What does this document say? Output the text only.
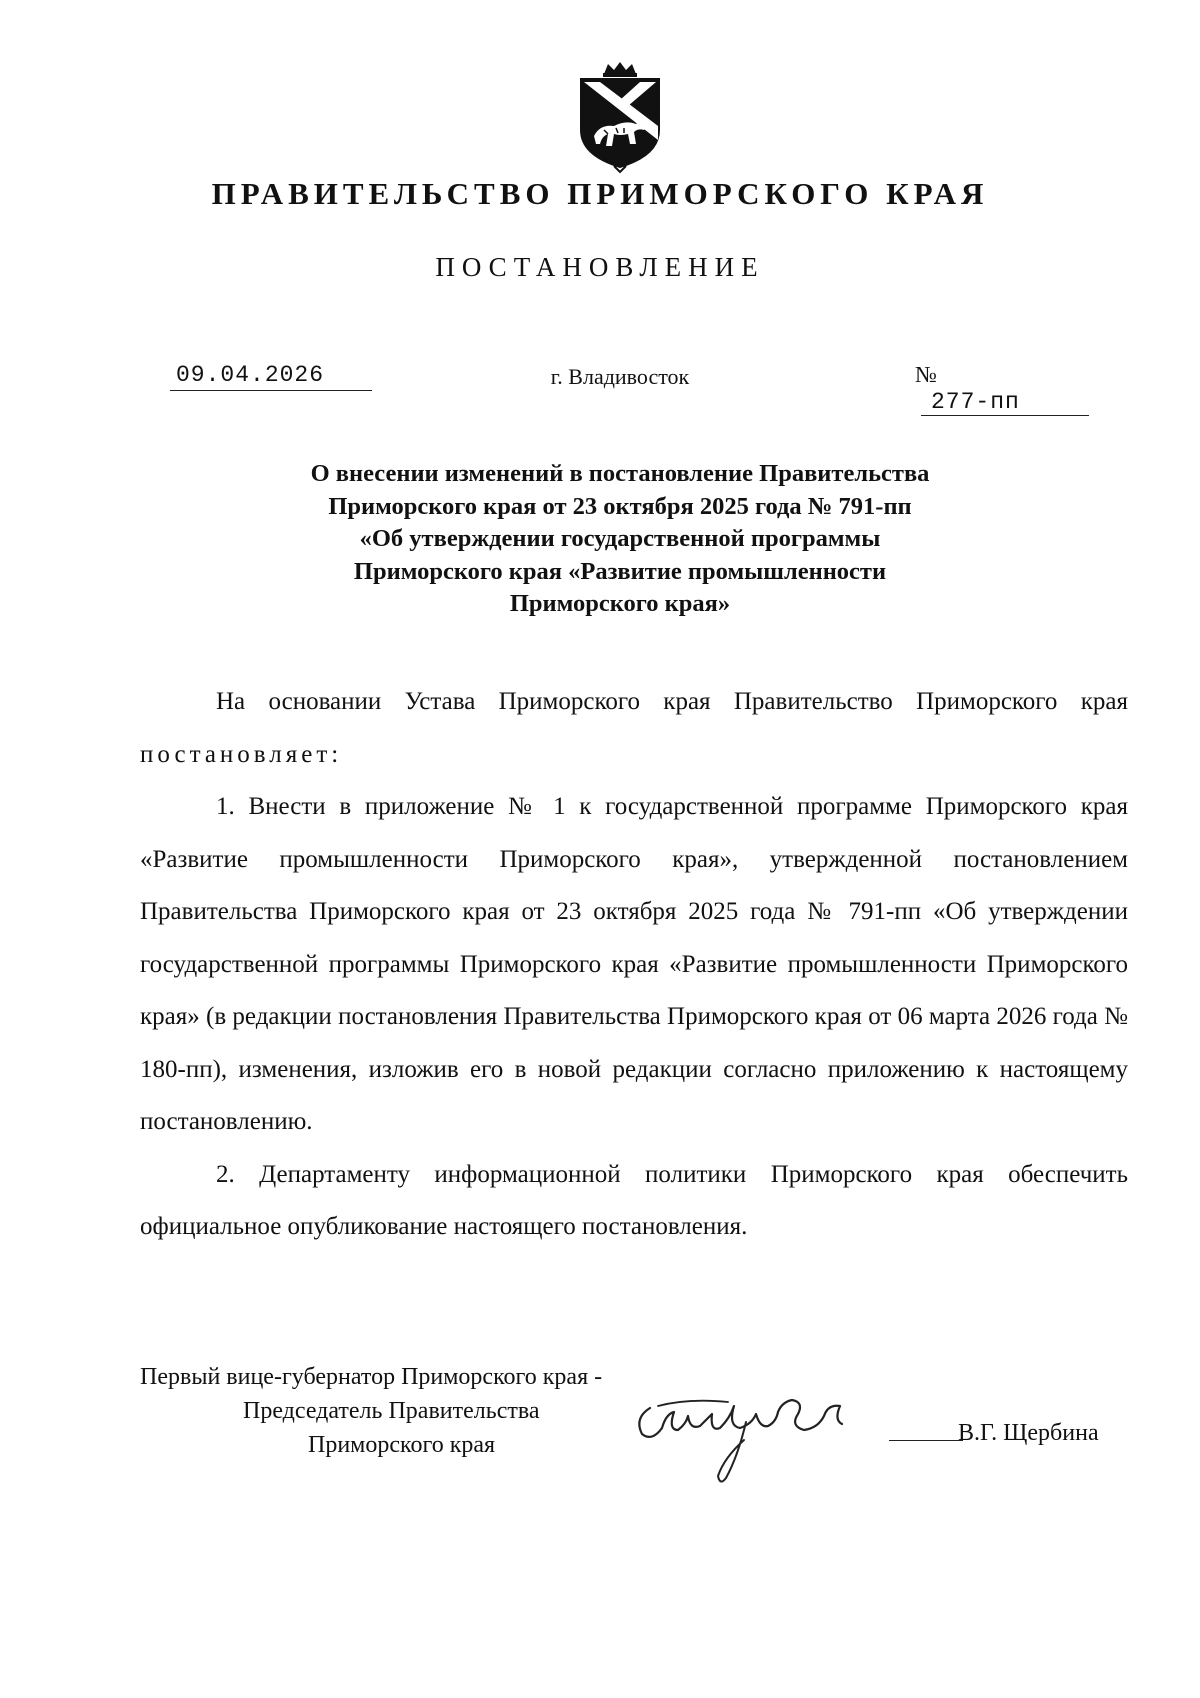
ПРАВИТЕЛЬСТВО ПРИМОРСКОГО КРАЯ
ПОСТАНОВЛЕНИЕ
09.04.2026	г. Владивосток	№277-пп
О внесении изменений в постановление Правительства
Приморского края от 23 октября 2025 года № 791-пп
«Об утверждении государственной программы
Приморского края «Развитие промышленности
Приморского края»

На основании Устава Приморского края Правительство Приморского края постановляет:

1. Внести в приложение № 1 к государственной программе Приморского края «Развитие промышленности Приморского края», утвержденной постановлением Правительства Приморского края от 23 октября 2025 года № 791-пп «Об утверждении государственной программы Приморского края «Развитие промышленности Приморского края» (в редакции постановления Правительства Приморского края от 06 марта 2026 года № 180-пп), изменения, изложив его в новой редакции согласно приложению к настоящему постановлению.

2. Департаменту информационной политики Приморского края обеспечить официальное опубликование настоящего постановления.

Первый вице-губернатор Приморского края -
Председатель Правительства
Приморского края	В.Г. Щербина
